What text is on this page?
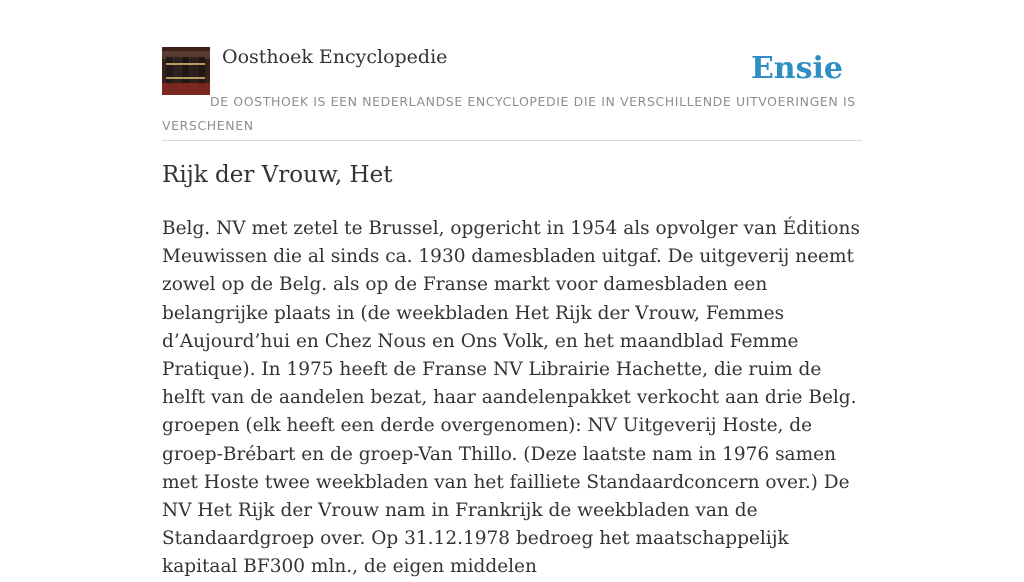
Oosthoek Encyclopedie	Ensie
DE OOSTHOEK IS EEN NEDERLANDSE ENCYCLOPEDIE DIE IN VERSCHILLENDE UITVOERINGEN IS VERSCHENEN
Rijk der Vrouw, Het

Belg. NV met zetel te Brussel, opgericht in 1954 als opvolger van Éditions Meuwissen die al sinds ca. 1930 damesbladen uitgaf. De uitgeverij neemt zowel op de Belg. als op de Franse markt voor damesbladen een belangrijke plaats in (de weekbladen Het Rijk der Vrouw, Femmes d’Aujourd’hui en Chez Nous en Ons Volk, en het maandblad Femme Pratique). In 1975 heeft de Franse NV Librairie Hachette, die ruim de helft van de aandelen bezat, haar aandelenpakket verkocht aan drie Belg. groepen (elk heeft een derde overgenomen): NV Uitgeverij Hoste, de groep-Brébart en de groep-Van Thillo. (Deze laatste nam in 1976 samen met Hoste twee weekbladen van het failliete Standaardconcern over.) De NV Het Rijk der Vrouw nam in Frankrijk de weekbladen van de Standaardgroep over. Op 31.12.1978 bedroeg het maatschappelijk kapitaal BF300 mln., de eigen middelen
